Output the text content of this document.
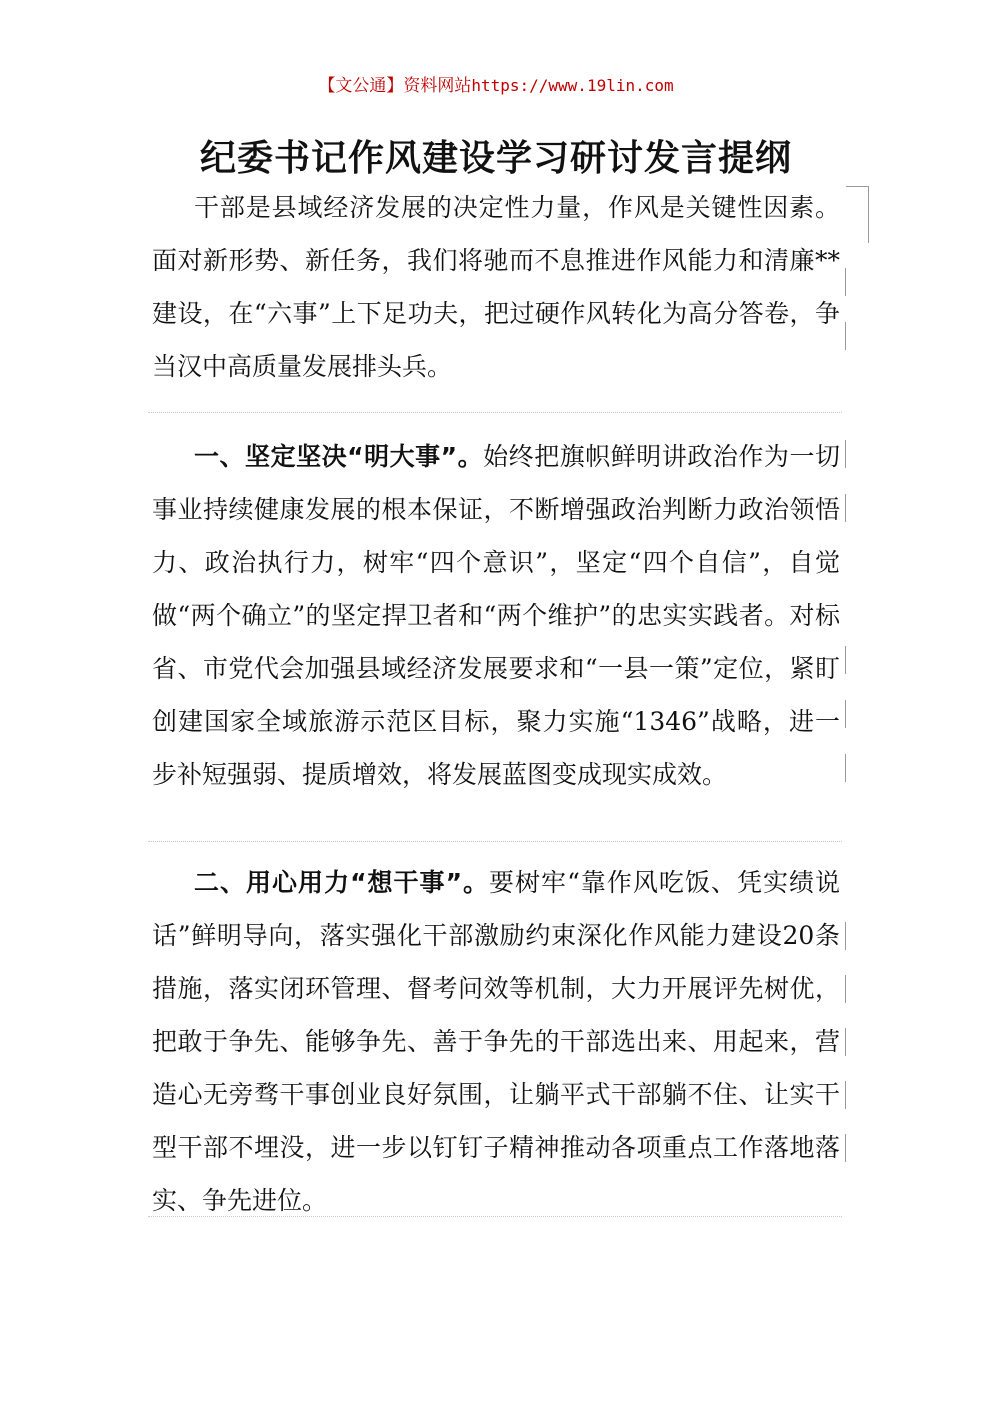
【文公通】资料网站https://www.19lin.com
纪委书记作风建设学习研讨发言提纲

干部是县域经济发展的决定性力量，作风是关键性因素。面对新形势、新任务，我们将驰而不息推进作风能力和清廉**建设，在“六事”上下足功夫，把过硬作风转化为高分答卷，争当汉中高质量发展排头兵。

一、坚定坚决“明大事”。始终把旗帜鲜明讲政治作为一切事业持续健康发展的根本保证，不断增强政治判断力政治领悟力、政治执行力，树牢“四个意识”，坚定“四个自信”，自觉做“两个确立”的坚定捍卫者和“两个维护”的忠实实践者。对标省、市党代会加强县域经济发展要求和“一县一策”定位，紧盯创建国家全域旅游示范区目标，聚力实施“1346”战略，进一步补短强弱、提质增效，将发展蓝图变成现实成效。

二、用心用力“想干事”。要树牢“靠作风吃饭、凭实绩说话”鲜明导向，落实强化干部激励约束深化作风能力建设20条措施，落实闭环管理、督考问效等机制，大力开展评先树优，把敢于争先、能够争先、善于争先的干部选出来、用起来，营造心无旁骛干事创业良好氛围，让躺平式干部躺不住、让实干型干部不埋没，进一步以钉钉子精神推动各项重点工作落地落实、争先进位。
